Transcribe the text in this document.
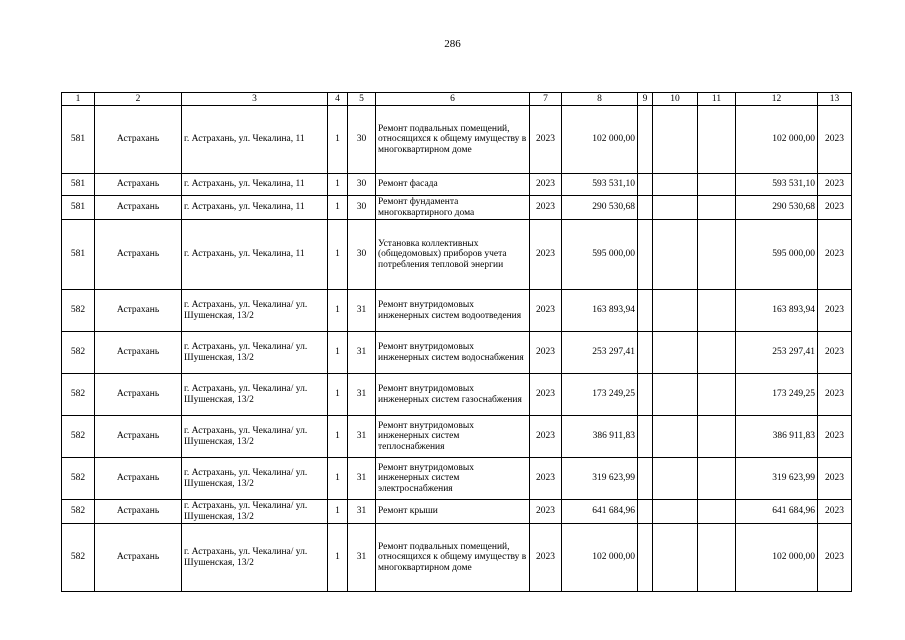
286
1	2	3	4	5	6	7	8	9	10	11	12	13
581	Астрахань	г. Астрахань, ул. Чекалина, 11	1	30	Ремонт подвальных помещений, относящихся к общему имуществу в многоквартирном доме	2023	102 000,00				102 000,00	2023
581	Астрахань	г. Астрахань, ул. Чекалина, 11	1	30	Ремонт фасада	2023	593 531,10				593 531,10	2023
581	Астрахань	г. Астрахань, ул. Чекалина, 11	1	30	Ремонт фундамента многоквартирного дома	2023	290 530,68				290 530,68	2023
581	Астрахань	г. Астрахань, ул. Чекалина, 11	1	30	Установка коллективных (общедомовых) приборов учета потребления тепловой энергии	2023	595 000,00				595 000,00	2023
582	Астрахань	г. Астрахань, ул. Чекалина/ ул. Шушенская, 13/2	1	31	Ремонт внутридомовых инженерных систем водоотведения	2023	163 893,94				163 893,94	2023
582	Астрахань	г. Астрахань, ул. Чекалина/ ул. Шушенская, 13/2	1	31	Ремонт внутридомовых инженерных систем водоснабжения	2023	253 297,41				253 297,41	2023
582	Астрахань	г. Астрахань, ул. Чекалина/ ул. Шушенская, 13/2	1	31	Ремонт внутридомовых инженерных систем газоснабжения	2023	173 249,25				173 249,25	2023
582	Астрахань	г. Астрахань, ул. Чекалина/ ул. Шушенская, 13/2	1	31	Ремонт внутридомовых инженерных систем теплоснабжения	2023	386 911,83				386 911,83	2023
582	Астрахань	г. Астрахань, ул. Чекалина/ ул. Шушенская, 13/2	1	31	Ремонт внутридомовых инженерных систем электроснабжения	2023	319 623,99				319 623,99	2023
582	Астрахань	г. Астрахань, ул. Чекалина/ ул. Шушенская, 13/2	1	31	Ремонт крыши	2023	641 684,96				641 684,96	2023
582	Астрахань	г. Астрахань, ул. Чекалина/ ул. Шушенская, 13/2	1	31	Ремонт подвальных помещений, относящихся к общему имуществу в многоквартирном доме	2023	102 000,00				102 000,00	2023
